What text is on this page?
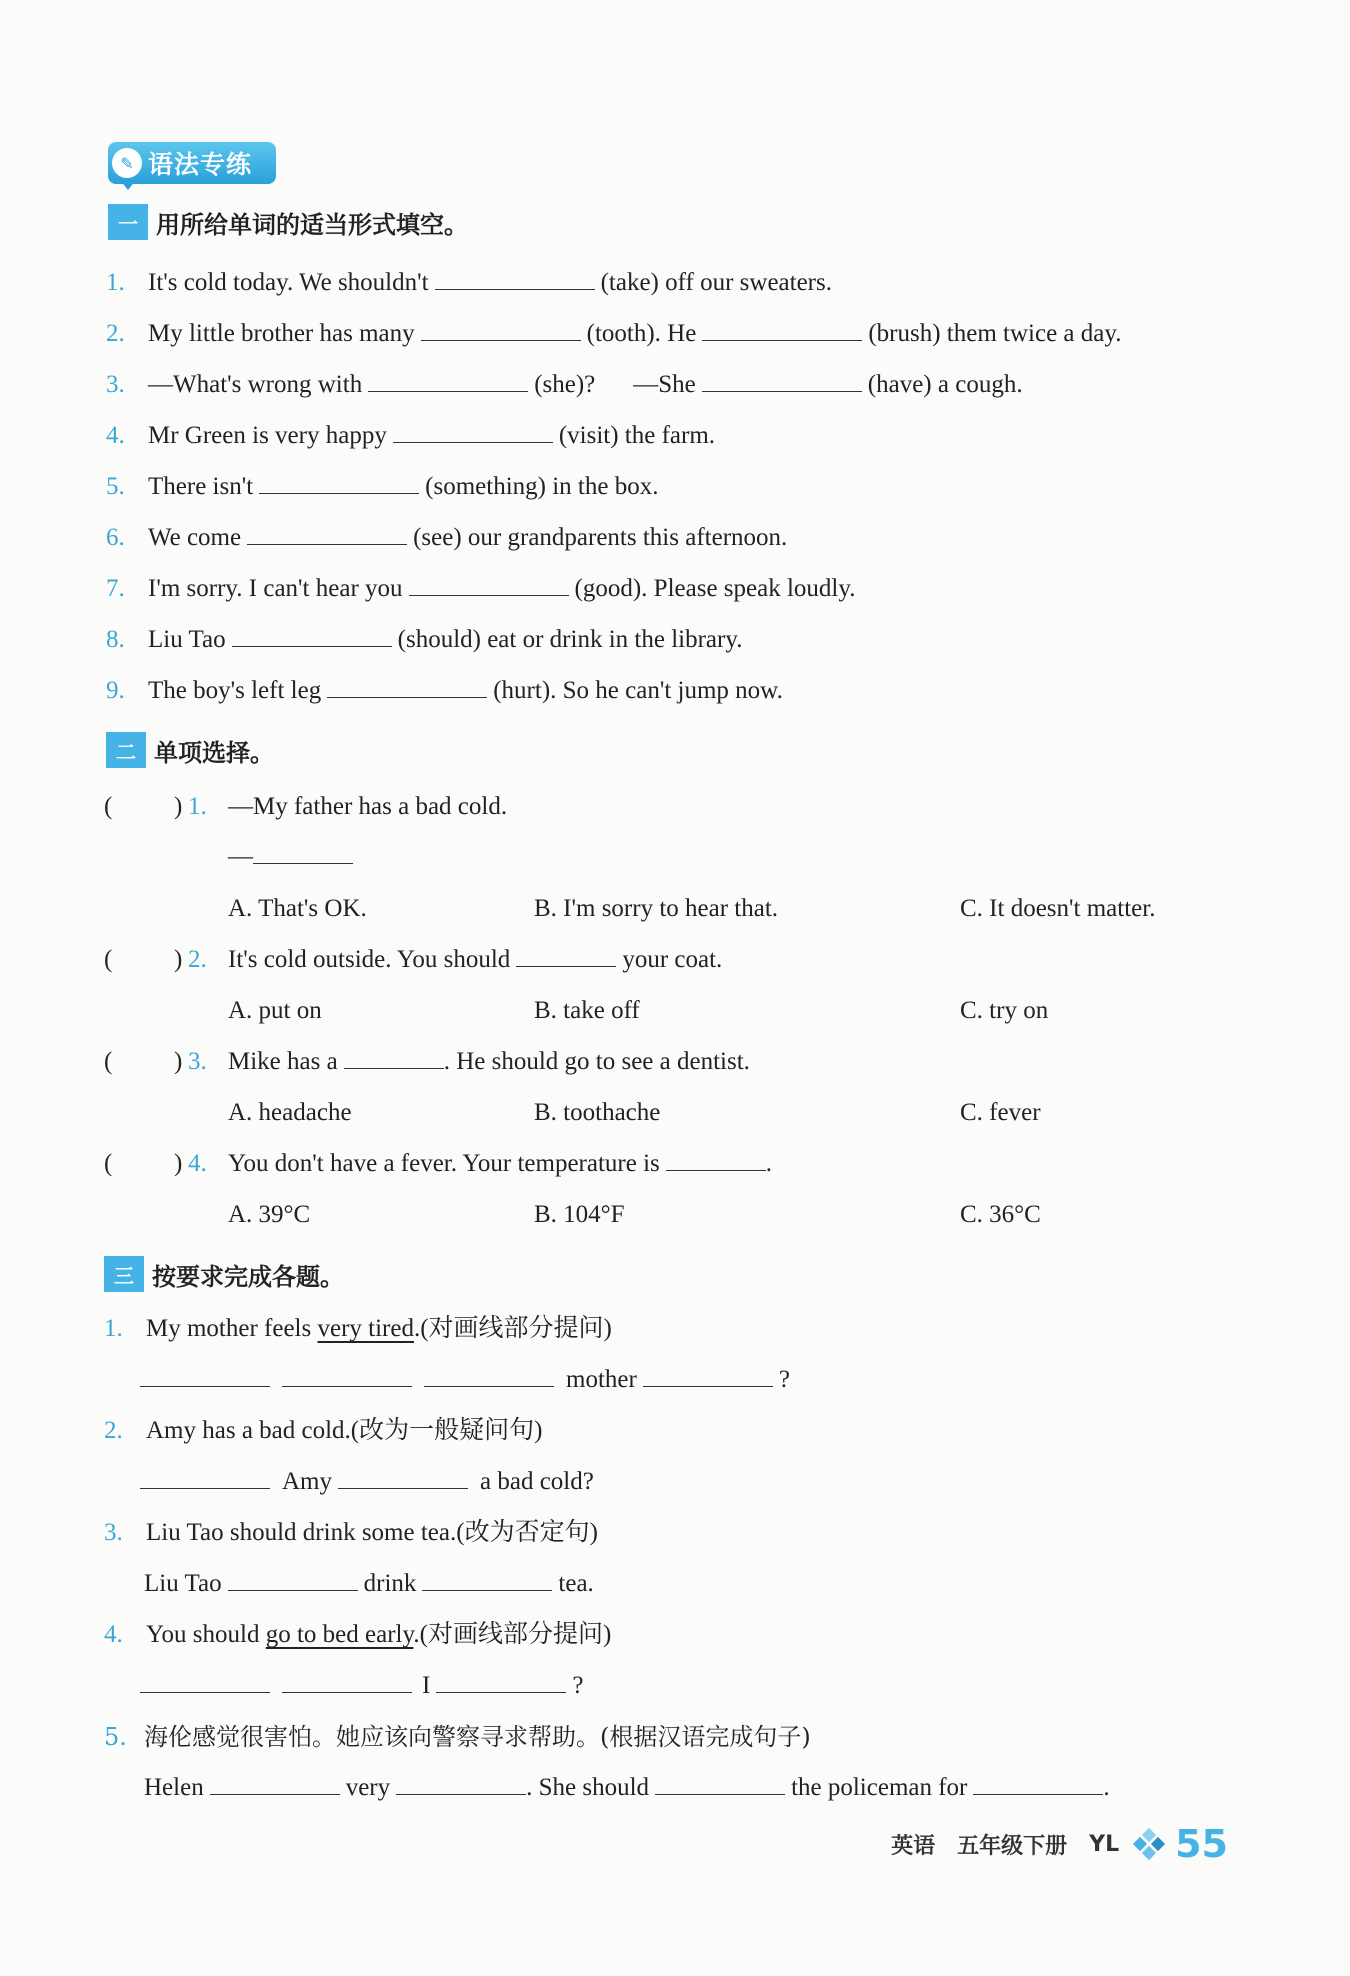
语法专练
✎
一 用所给单词的适当形式填空。
1. It's cold today. We shouldn't	(take) off our sweaters.
2. My little brother has many	(tooth). He	(brush) them twice a day.
3. —What's wrong with	(she)? —She	(have) a cough.
4. Mr Green is very happy	(visit) the farm.
5. There isn't	(something) in the box.
6. We come	(see) our grandparents this afternoon.
7. I'm sorry. I can't hear you	(good). Please speak loudly.
8. Liu Tao	(should) eat or drink in the library.
9. The boy's left leg	(hurt). So he can't jump now.
二 单项选择。
( ) 1. —My father has a bad cold.
—
A. That's OK.	B. I'm sorry to hear that.	C. It doesn't matter.
( ) 2. It's cold outside. You should	your coat.
A. put on	B. take off	C. try on
( ) 3. Mike has a	. He should go to see a dentist.
A. headache	B. toothache	C. fever
( ) 4. You don't have a fever. Your temperature is	.
A. 39°C	B. 104°F	C. 36°C
三 按要求完成各题。
1. My mother feels very tired.(对画线部分提问)
mother	?
2. Amy has a bad cold.(改为一般疑问句)
Amy	a bad cold?
3. Liu Tao should drink some tea.(改为否定句)
Liu Tao	drink	tea.
4. You should go to bed early.(对画线部分提问)
I	?
5. 海伦感觉很害怕。她应该向警察寻求帮助。(根据汉语完成句子)
Helen	very	. She should	the policeman for	.
英语 五年级下册 YL 55
